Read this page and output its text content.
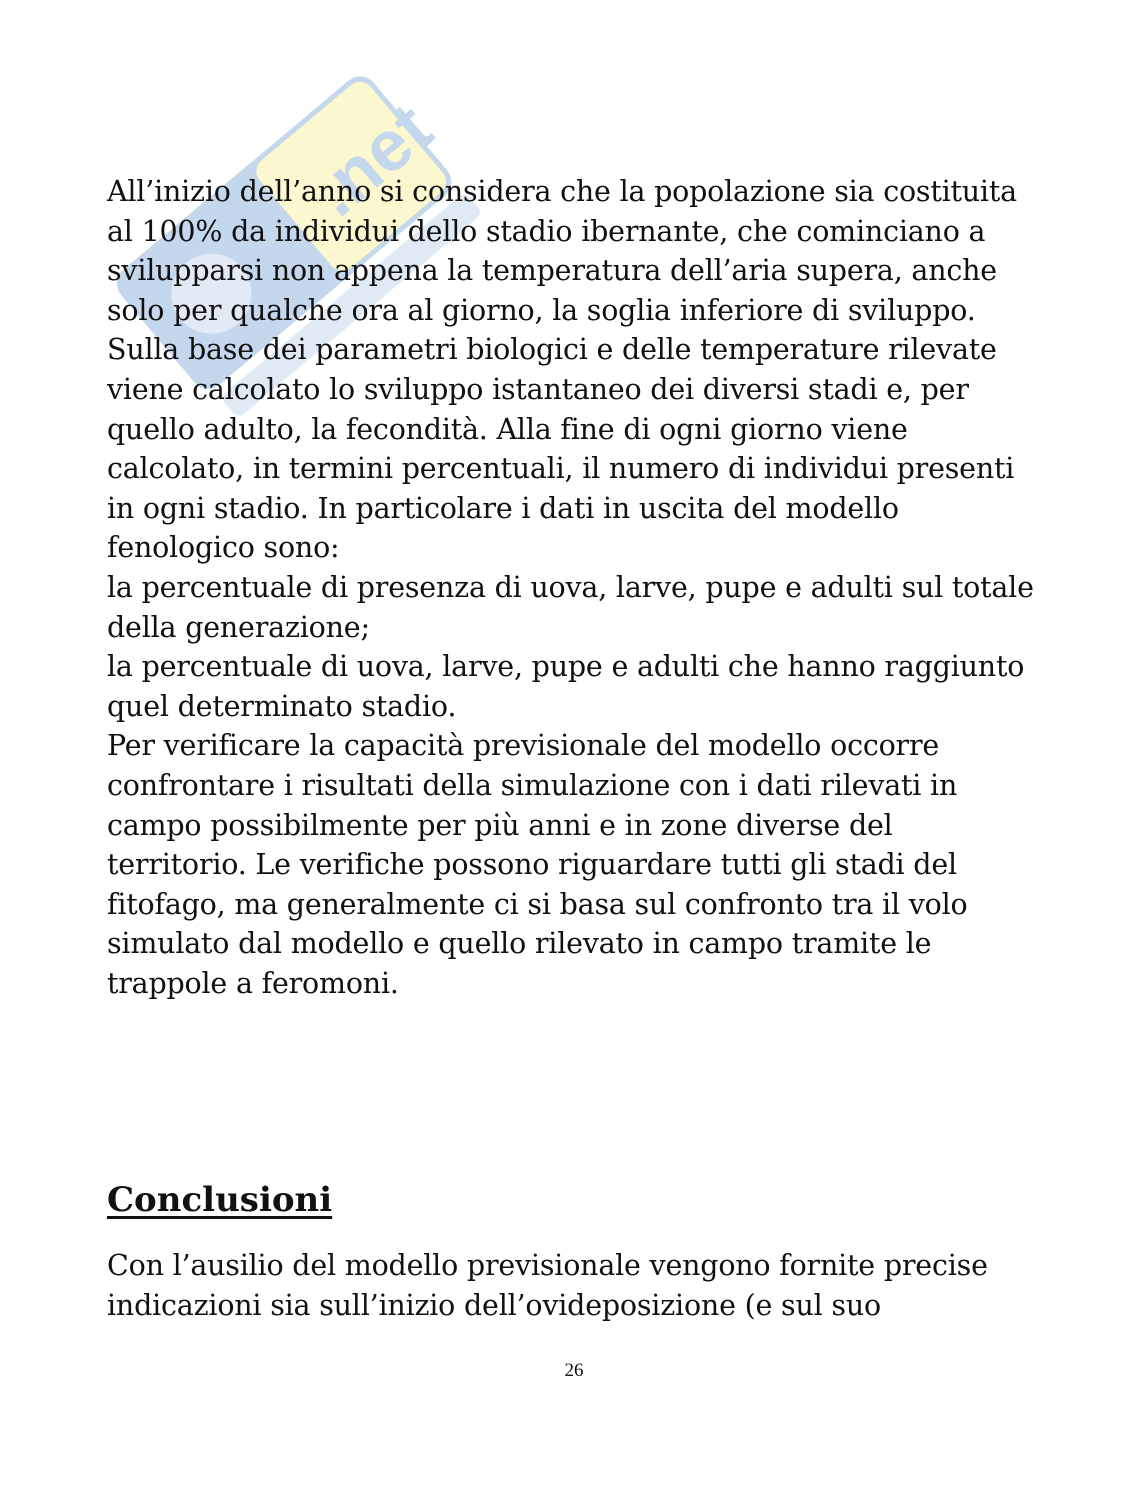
.net

All’inizio dell’anno si considera che la popolazione sia costituita
al 100% da individui dello stadio ibernante, che cominciano a
svilupparsi non appena la temperatura dell’aria supera, anche
solo per qualche ora al giorno, la soglia inferiore di sviluppo.
Sulla base dei parametri biologici e delle temperature rilevate
viene calcolato lo sviluppo istantaneo dei diversi stadi e, per
quello adulto, la fecondità. Alla fine di ogni giorno viene
calcolato, in termini percentuali, il numero di individui presenti
in ogni stadio. In particolare i dati in uscita del modello
fenologico sono:
la percentuale di presenza di uova, larve, pupe e adulti sul totale
della generazione;
la percentuale di uova, larve, pupe e adulti che hanno raggiunto
quel determinato stadio.
Per verificare la capacità previsionale del modello occorre
confrontare i risultati della simulazione con i dati rilevati in
campo possibilmente per più anni e in zone diverse del
territorio. Le verifiche possono riguardare tutti gli stadi del
fitofago, ma generalmente ci si basa sul confronto tra il volo
simulato dal modello e quello rilevato in campo tramite le
trappole a feromoni.

Conclusioni

Con l’ausilio del modello previsionale vengono fornite precise
indicazioni sia sull’inizio dell’ovideposizione (e sul suo

26
